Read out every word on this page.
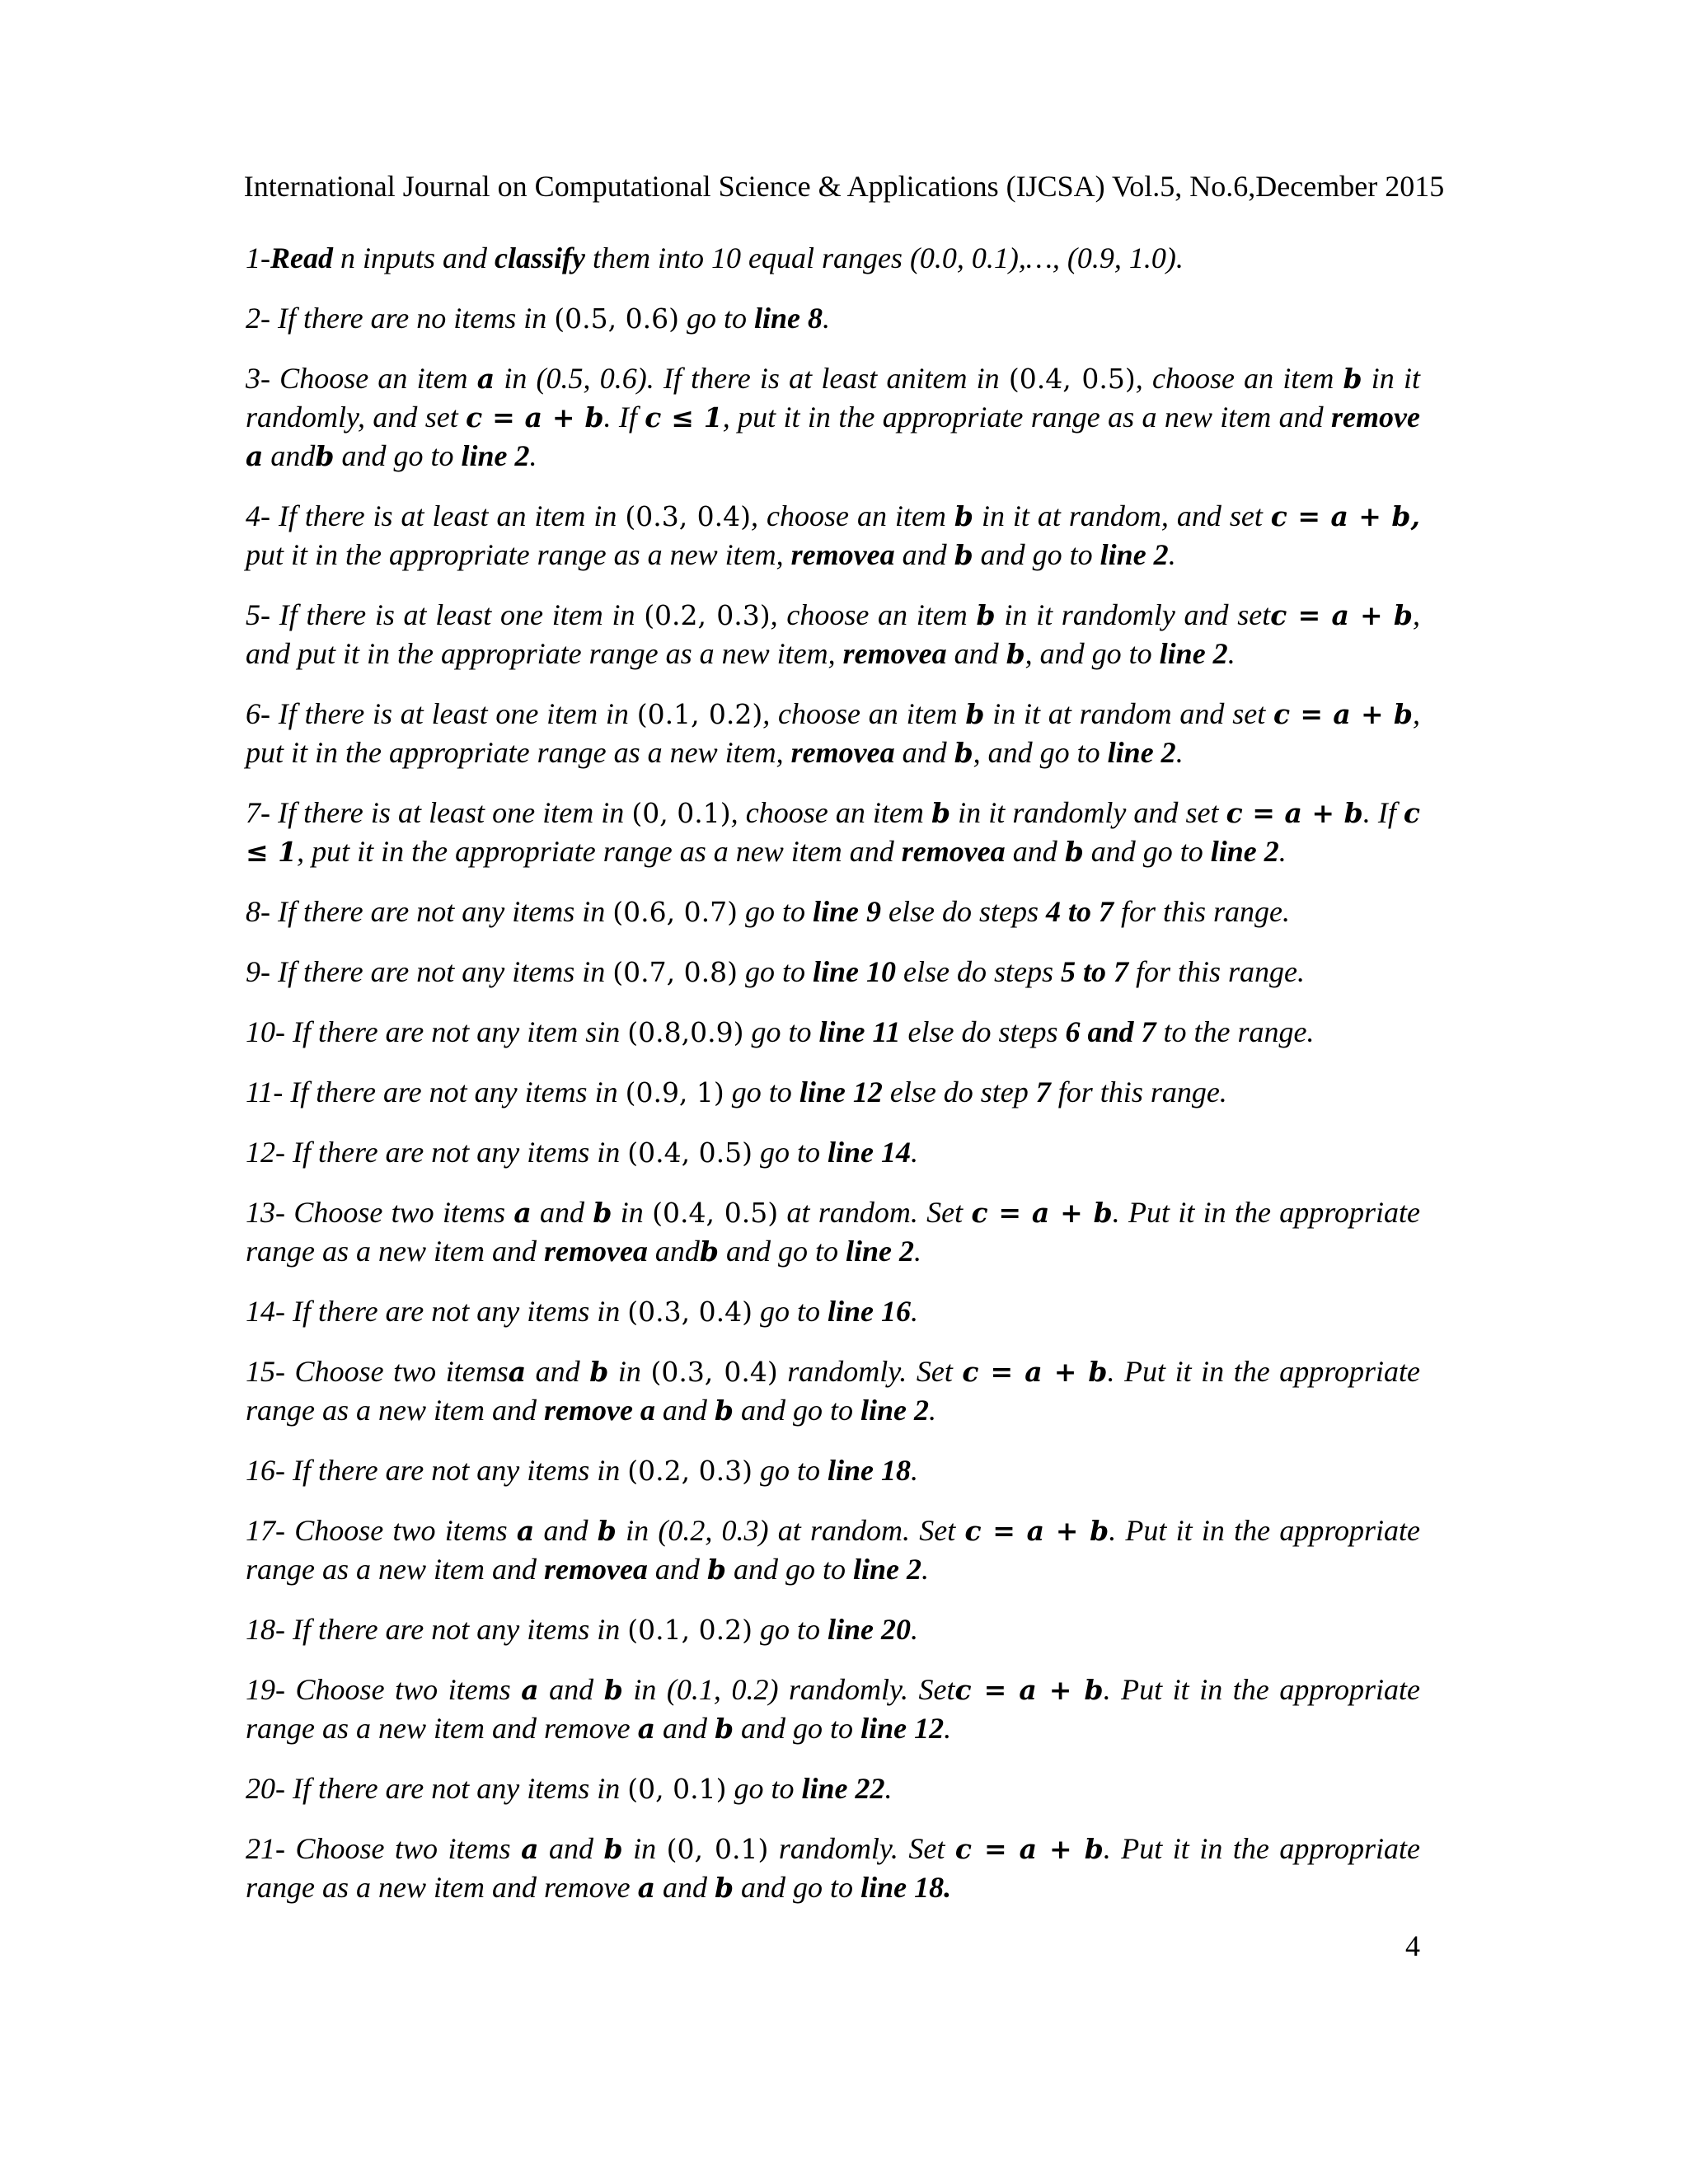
International Journal on Computational Science & Applications (IJCSA) Vol.5, No.6,December 2015

1-Read n inputs and classify them into 10 equal ranges (0.0, 0.1),…, (0.9, 1.0).

2- If there are no items in (0.5, 0.6) go to line 8.

3- Choose an item a in (0.5, 0.6). If there is at least anitem in (0.4, 0.5), choose an item b in it randomly, and set c = a + b. If c ≤ 1, put it in the appropriate range as a new item and remove a andb and go to line 2.

4- If there is at least an item in (0.3, 0.4), choose an item b in it at random, and set c = a + b, put it in the appropriate range as a new item, removea and b and go to line 2.

5- If there is at least one item in (0.2, 0.3), choose an item b in it randomly and setc = a + b, and put it in the appropriate range as a new item, removea and b, and go to line 2.

6- If there is at least one item in (0.1, 0.2), choose an item b in it at random and set c = a + b, put it in the appropriate range as a new item, removea and b, and go to line 2.

7- If there is at least one item in (0, 0.1), choose an item b in it randomly and set c = a + b. If c ≤ 1, put it in the appropriate range as a new item and removea and b and go to line 2.

8- If there are not any items in (0.6, 0.7) go to line 9 else do steps 4 to 7 for this range.

9- If there are not any items in (0.7, 0.8) go to line 10 else do steps 5 to 7 for this range.

10- If there are not any item sin (0.8,0.9) go to line 11 else do steps 6 and 7 to the range.

11- If there are not any items in (0.9, 1) go to line 12 else do step 7 for this range.

12- If there are not any items in (0.4, 0.5) go to line 14.

13- Choose two items a and b in (0.4, 0.5) at random. Set c = a + b. Put it in the appropriate range as a new item and removea andb and go to line 2.

14- If there are not any items in (0.3, 0.4) go to line 16.

15- Choose two itemsa and b in (0.3, 0.4) randomly. Set c = a + b. Put it in the appropriate range as a new item and remove a and b and go to line 2.

16- If there are not any items in (0.2, 0.3) go to line 18.

17- Choose two items a and b in (0.2, 0.3) at random. Set c = a + b. Put it in the appropriate range as a new item and removea and b and go to line 2.

18- If there are not any items in (0.1, 0.2) go to line 20.

19- Choose two items a and b in (0.1, 0.2) randomly. Setc = a + b. Put it in the appropriate range as a new item and remove a and b and go to line 12.

20- If there are not any items in (0, 0.1) go to line 22.

21- Choose two items a and b in (0, 0.1) randomly. Set c = a + b. Put it in the appropriate range as a new item and remove a and b and go to line 18.

4
